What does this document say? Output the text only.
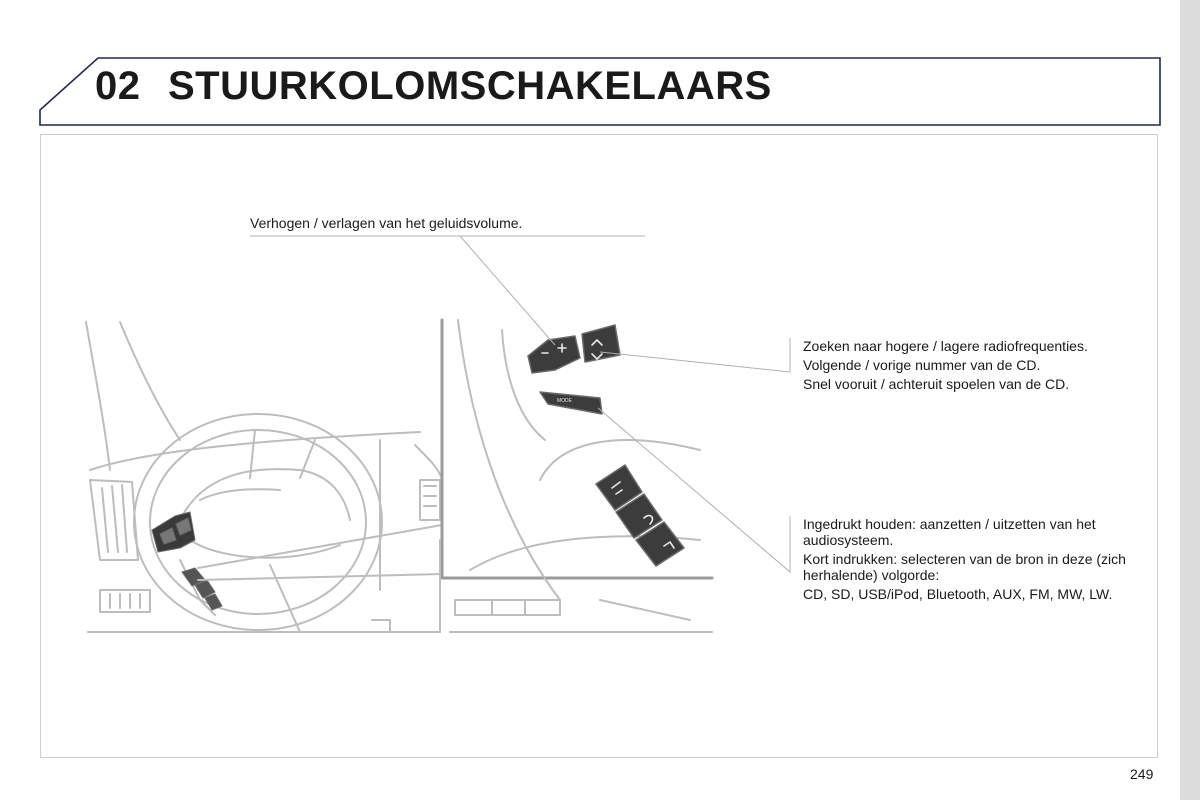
02 STUURKOLOMSCHAKELAARS
MODE

Verhogen / verlagen van het geluidsvolume.

Zoeken naar hogere / lagere radiofrequenties.

Volgende / vorige nummer van de CD.

Snel vooruit / achteruit spoelen van de CD.

Ingedrukt houden: aanzetten / uitzetten van het audiosysteem.

Kort indrukken: selecteren van de bron in deze (zich herhalende) volgorde:

CD, SD, USB/iPod, Bluetooth, AUX, FM, MW, LW.

249
